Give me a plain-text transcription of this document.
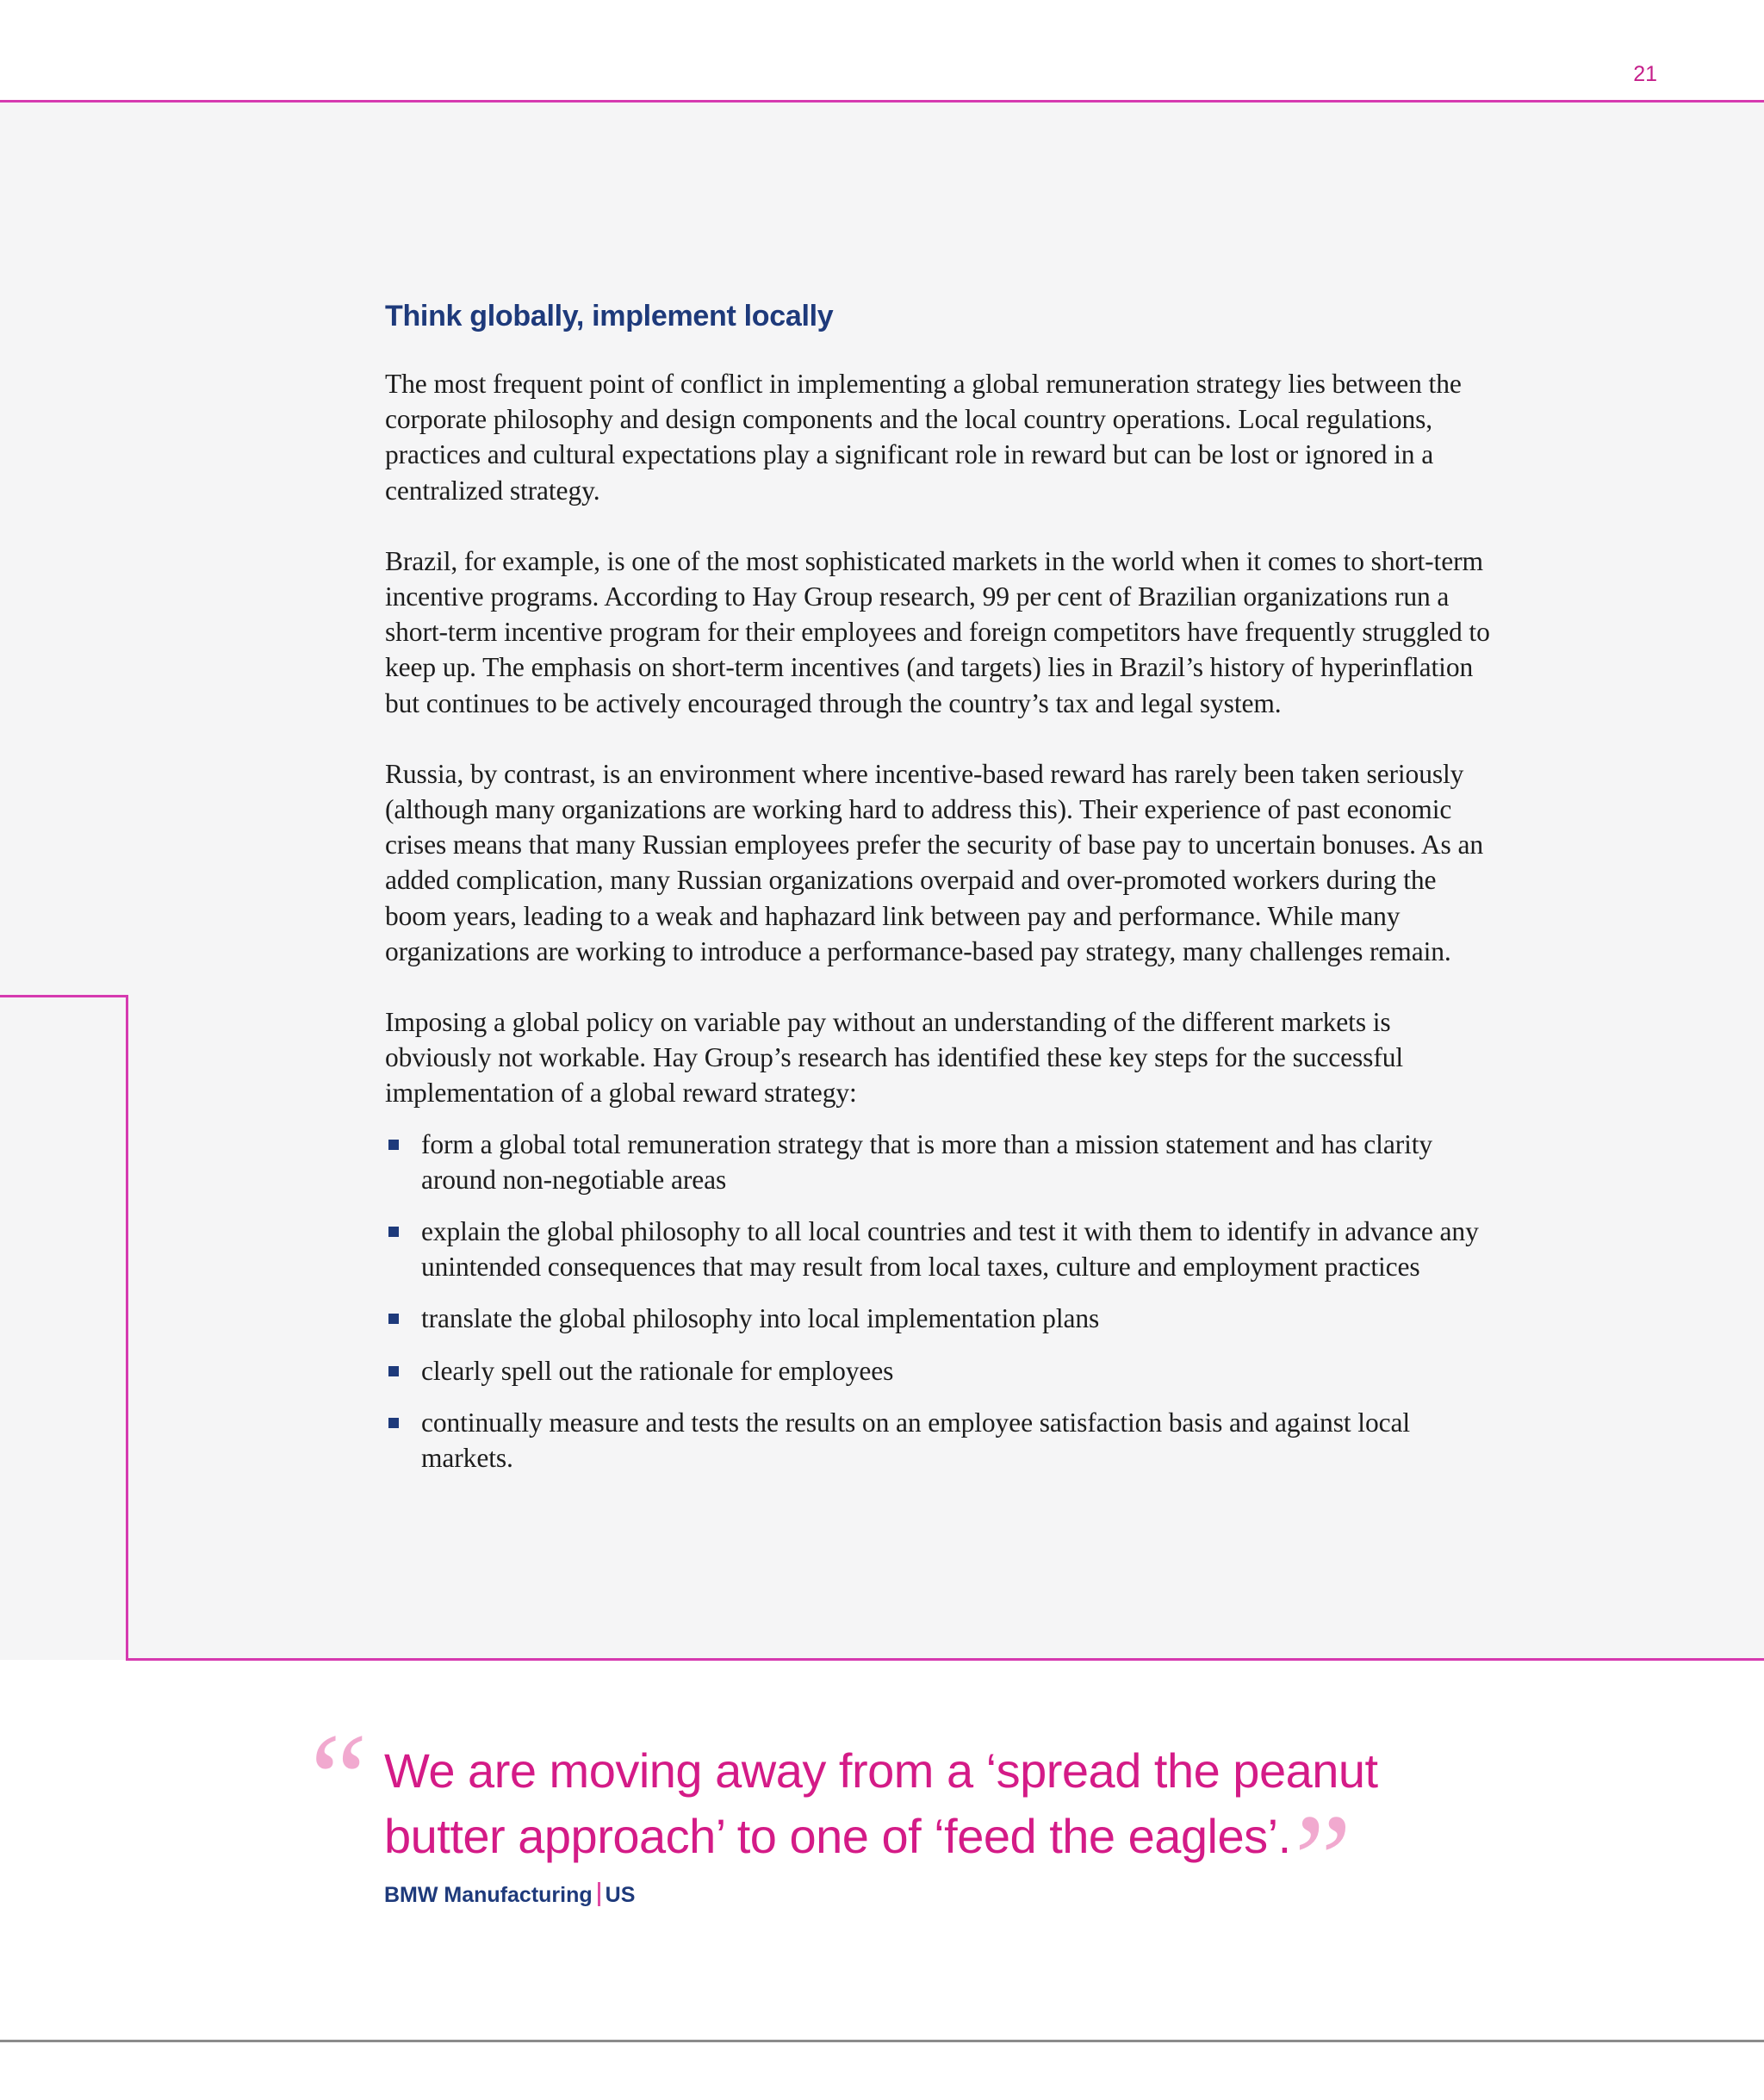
21
Think globally, implement locally

The most frequent point of conflict in implementing a global remuneration strategy lies between the corporate philosophy and design components and the local country operations. Local regulations, practices and cultural expectations play a significant role in reward but can be lost or ignored in a centralized strategy.

Brazil, for example, is one of the most sophisticated markets in the world when it comes to short-term incentive programs. According to Hay Group research, 99 per cent of Brazilian organizations run a short-term incentive program for their employees and foreign competitors have frequently struggled to keep up. The emphasis on short-term incentives (and targets) lies in Brazil’s history of hyperinflation but continues to be actively encouraged through the country’s tax and legal system.

Russia, by contrast, is an environment where incentive-based reward has rarely been taken seriously (although many organizations are working hard to address this). Their experience of past economic crises means that many Russian employees prefer the security of base pay to uncertain bonuses. As an added complication, many Russian organizations overpaid and over-promoted workers during the boom years, leading to a weak and haphazard link between pay and performance. While many organizations are working to introduce a performance-based pay strategy, many challenges remain.

Imposing a global policy on variable pay without an understanding of the different markets is obviously not workable. Hay Group’s research has identified these key steps for the successful implementation of a global reward strategy:

form a global total remuneration strategy that is more than a mission statement and has clarity around non-negotiable areas
explain the global philosophy to all local countries and test it with them to identify in advance any unintended consequences that may result from local taxes, culture and employment practices
translate the global philosophy into local implementation plans
clearly spell out the rationale for employees
continually measure and tests the results on an employee satisfaction basis and against local markets.
“ We are moving away from a ‘spread the peanut butter approach’ to one of ‘feed the eagles’.”

BMW Manufacturing US
